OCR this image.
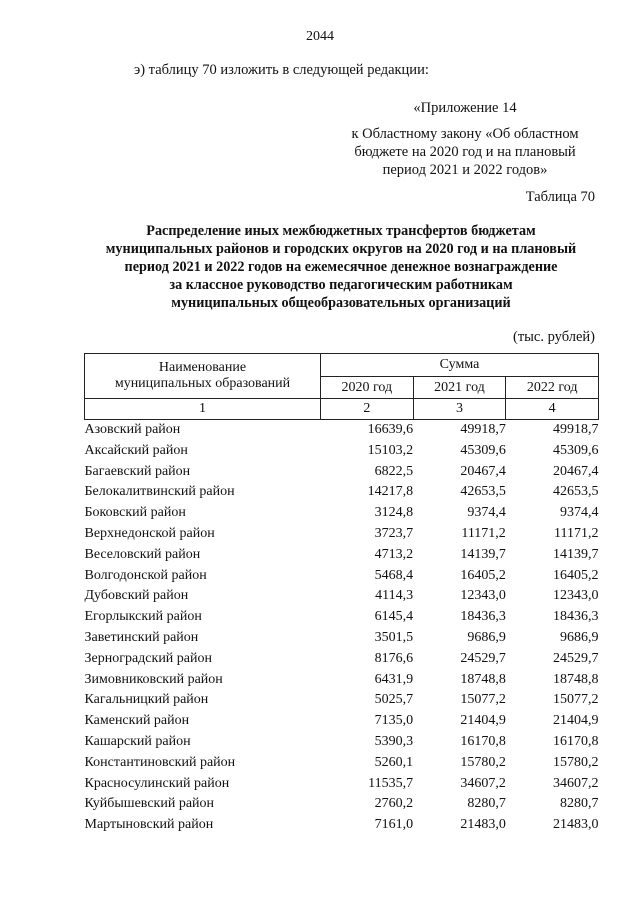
2044
э) таблицу 70 изложить в следующей редакции:
«Приложение 14
к Областному закону «Об областном
бюджете на 2020 год и на плановый
период 2021 и 2022 годов»
Таблица 70
Распределение иных межбюджетных трансфертов бюджетам
муниципальных районов и городских округов на 2020 год и на плановый
период 2021 и 2022 годов на ежемесячное денежное вознаграждение
за классное руководство педагогическим работникам
муниципальных общеобразовательных организаций
(тыс. рублей)
Наименование
муниципальных образований	Сумма		
	2020 год	2021 год	2022 год
1	2	3	4
Азовский район	16639,6	49918,7	49918,7
Аксайский район	15103,2	45309,6	45309,6
Багаевский район	6822,5	20467,4	20467,4
Белокалитвинский район	14217,8	42653,5	42653,5
Боковский район	3124,8	9374,4	9374,4
Верхнедонской район	3723,7	11171,2	11171,2
Веселовский район	4713,2	14139,7	14139,7
Волгодонской район	5468,4	16405,2	16405,2
Дубовский район	4114,3	12343,0	12343,0
Егорлыкский район	6145,4	18436,3	18436,3
Заветинский район	3501,5	9686,9	9686,9
Зерноградский район	8176,6	24529,7	24529,7
Зимовниковский район	6431,9	18748,8	18748,8
Кагальницкий район	5025,7	15077,2	15077,2
Каменский район	7135,0	21404,9	21404,9
Кашарский район	5390,3	16170,8	16170,8
Константиновский район	5260,1	15780,2	15780,2
Красносулинский район	11535,7	34607,2	34607,2
Куйбышевский район	2760,2	8280,7	8280,7
Мартыновский район	7161,0	21483,0	21483,0
